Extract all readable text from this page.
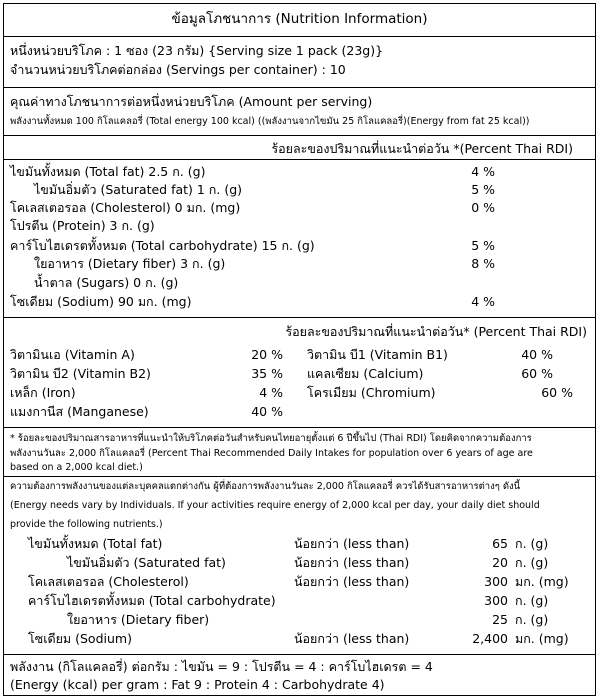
ข้อมูลโภชนาการ (Nutrition Information)
หนึ่งหน่วยบริโภค : 1 ซอง (23 กรัม) {Serving size 1 pack (23g)}
จำนวนหน่วยบริโภคต่อกล่อง (Servings per container) : 10
คุณค่าทางโภชนาการต่อหนึ่งหน่วยบริโภค (Amount per serving)
พลังงานทั้งหมด 100 กิโลแคลอรี่ (Total energy 100 kcal) ((พลังงานจากไขมัน 25 กิโลแคลอรี่)(Energy from fat 25 kcal))
ร้อยละของปริมาณที่แนะนำต่อวัน *(Percent Thai RDI)
ไขมันทั้งหมด (Total fat) 2.5 ก. (g)	4 %
ไขมันอิ่มตัว (Saturated fat) 1 ก. (g)	5 %
โคเลสเตอรอล (Cholesterol) 0 มก. (mg)	0 %
โปรตีน (Protein) 3 ก. (g)
คาร์โบไฮเดรตทั้งหมด (Total carbohydrate) 15 ก. (g)	5 %
ใยอาหาร (Dietary fiber) 3 ก. (g)	8 %
น้ำตาล (Sugars) 0 ก. (g)
โซเดียม (Sodium) 90 มก. (mg)	4 %
ร้อยละของปริมาณที่แนะนำต่อวัน* (Percent Thai RDI)
วิตามินเอ (Vitamin A)	20 % วิตามิน บี1 (Vitamin B1)	40 %
วิตามิน บี2 (Vitamin B2)	35 % แคลเซียม (Calcium)	60 %
เหล็ก (Iron)	4 % โครเมียม (Chromium)	60 %
แมงกานีส (Manganese)	40 %
* ร้อยละของปริมาณสารอาหารที่แนะนำให้บริโภคต่อวันสำหรับคนไทยอายุตั้งแต่ 6 ปีขึ้นไป (Thai RDI) โดยคิดจากความต้องการ
พลังงานวันละ 2,000 กิโลแคลอรี่ (Percent Thai Recommended Daily Intakes for population over 6 years of age are
based on a 2,000 kcal diet.)
ความต้องการพลังงานของแต่ละบุคคลแตกต่างกัน ผู้ที่ต้องการพลังงานวันละ 2,000 กิโลแคลอรี่ ควรได้รับสารอาหารต่างๆ ดังนี้
(Energy needs vary by Individuals. If your activities require energy of 2,000 kcal per day, your daily diet should
provide the following nutrients.)
ไขมันทั้งหมด (Total fat)	น้อยกว่า (less than)	65 ก. (g)
ไขมันอิ่มตัว (Saturated fat)	น้อยกว่า (less than)	20 ก. (g)
โคเลสเตอรอล (Cholesterol)	น้อยกว่า (less than)	300 มก. (mg)
คาร์โบไฮเดรตทั้งหมด (Total carbohydrate)	300 ก. (g)
ใยอาหาร (Dietary fiber)	25 ก. (g)
โซเดียม (Sodium)	น้อยกว่า (less than)	2,400 มก. (mg)
พลังงาน (กิโลแคลอรี่) ต่อกรัม : ไขมัน = 9 : โปรตีน = 4 : คาร์โบไฮเดรต = 4
(Energy (kcal) per gram : Fat 9 : Protein 4 : Carbohydrate 4)
